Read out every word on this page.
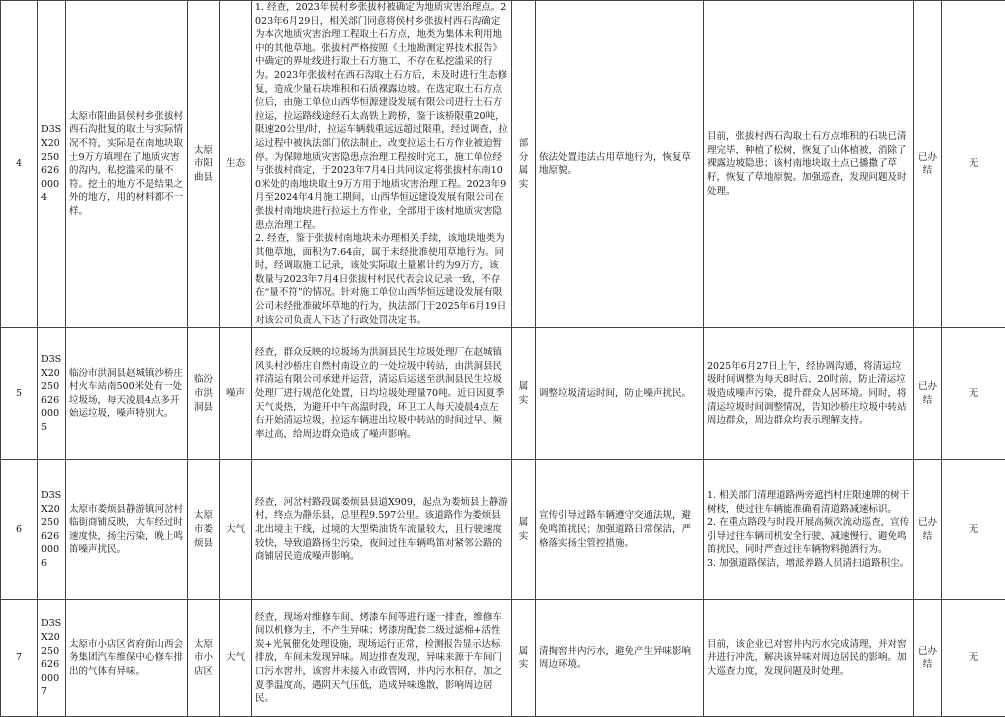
4	D3SX202506260004	太原市阳曲县侯村乡张拔村西石沟批复的取土与实际情况不符，实际是在南地块取土9万方填埋在了地质灾害的沟内，私挖滥采的量不符。挖土的地方不是结果之外的地方，用的材料都不一样。	太原市阳曲县	生态	1. 经查，2023年侯村乡张拔村被确定为地质灾害治理点。2023年6月29日，相关部门同意将侯村乡张拔村西石沟确定为本次地质灾害治理工程取土石方点，地类为集体未利用地中的其他草地。张拔村严格按照《土地勘测定界技术报告》中确定的界址线进行取土石方施工，不存在私挖滥采的行为。2023年张拔村在西石沟取土石方后，未及时进行生态修复，造成少量石块堆积和石质裸露边坡。在选定取土石方点位后，由施工单位山西华恒源建设发展有限公司进行土石方拉运，拉运路线途经石太高铁上跨桥，鉴于该桥限重20吨，限速20公里/时，拉运车辆载重远远超过限重，经过调查，拉运过程中被执法部门依法制止，改变拉运土石方作业被迫暂停。为保障地质灾害隐患点治理工程按时完工，施工单位经与张拔村商定，于2023年7月4日共同议定将张拔村东南100米处的南地块取土9万方用于地质灾害治理工程。2023年9月至2024年4月施工期间，山西华恒远建设发展有限公司在张拔村南地块进行拉运土方作业，全部用于该村地质灾害隐患点治理工程。
2. 经查，鉴于张拔村南地块未办理相关手续，该地块地类为其他草地，面积为7.64亩，属于未经批准使用草地行为。同时，经调取施工记录，该处实际取土量累计约为9万方，该数量与2023年7月4日张拔村村民代表会议记录一致，不存在“量不符”的情况。针对施工单位山西华恒远建设发展有限公司未经批准破坏草地的行为，执法部门于2025年6月19日对该公司负责人下达了行政处罚决定书。	部分属实	依法处置违法占用草地行为，恢复草地原貌。	目前，张拔村西石沟取土石方点堆积的石块已清理完毕，种植了松树，恢复了山体植被，消除了裸露边坡隐患；该村南地块取土点已播撒了草籽，恢复了草地原貌。加强巡查，发现问题及时处理。	已办结	无
5	D3SX202506260005	临汾市洪洞县赵城镇沙桥庄村火车站南500米处有一处垃圾场，每天凌晨4点多开始运垃圾，噪声特别大。	临汾市洪洞县	噪声	经查，群众反映的垃圾场为洪洞县民生垃圾处理厂在赵城镇风头村沙桥庄自然村南设立的一处垃圾中转站，由洪洞县民祥清运有限公司承建并运营，清运后运送至洪洞县民生垃圾处理厂进行规范化处置，日均垃圾处理量70吨。近日因夏季天气炎热，为避开中午高温时段，环卫工人每天凌晨4点左右开始清运垃圾，拉运车辆进出垃圾中转站的时间过早、频率过高，给周边群众造成了噪声影响。	属实	调整垃圾清运时间，防止噪声扰民。	2025年6月27日上午，经协调沟通，将清运垃圾时间调整为每天8时后、20时前，防止清运垃圾造成噪声污染，提升群众人居环境。同时，将清运垃圾时间调整情况，告知沙桥庄垃圾中转站周边群众，周边群众均表示理解支持。	已办结	无
6	D3SX202506260006	太原市娄烦县静游镇河岔村临街商铺反映，大车经过时速度快，扬尘污染，晚上鸣笛噪声扰民。	太原市娄烦县	大气	经查，河岔村路段属娄烦县县道X909，起点为娄烦县上静游村，终点为静乐县，总里程9.597公里。该道路作为娄烦县北出境主干线，过境的大型柴油货车流量较大，且行驶速度较快，导致道路扬尘污染，夜间过往车辆鸣笛对紧邻公路的商铺居民造成噪声影响。	属实	宣传引导过路车辆遵守交通法规，避免鸣笛扰民；加强道路日常保洁，严格落实扬尘管控措施。	1. 相关部门清理道路两旁遮挡村庄限速牌的树干树枝，使过往车辆能准确看清道路减速标识。
2. 在重点路段与时段开展高频次流动巡查，宣传引导过往车辆司机安全行驶、减速慢行、避免鸣笛扰民，同时严查过往车辆物料抛洒行为。
3. 加强道路保洁，增派养路人员清扫道路积尘。	已办结	无
7	D3SX202506260007	太原市小店区省府街山西会务集团汽车维保中心修车排出的气体有异味。	太原市小店区	大气	经查，现场对维修车间、烤漆车间等进行逐一排查，维修车间以机修为主，不产生异味；烤漆房配套二级过滤棉+活性炭+光氧催化处理设施，现场运行正常，检测报告显示达标排放，车间未发现异味。周边排查发现，异味来源于车间门口污水窖井，该窖井未接入市政管网，井内污水积存，加之夏季温度高，遇阴天气压低，造成异味逸散，影响周边居民。	属实	清掏窖井内污水，避免产生异味影响周边环境。	目前，该企业已对窖井内污水完成清理，并对窖井进行冲洗，解决该异味对周边居民的影响。加大巡查力度，发现问题及时处理。	已办结	无
